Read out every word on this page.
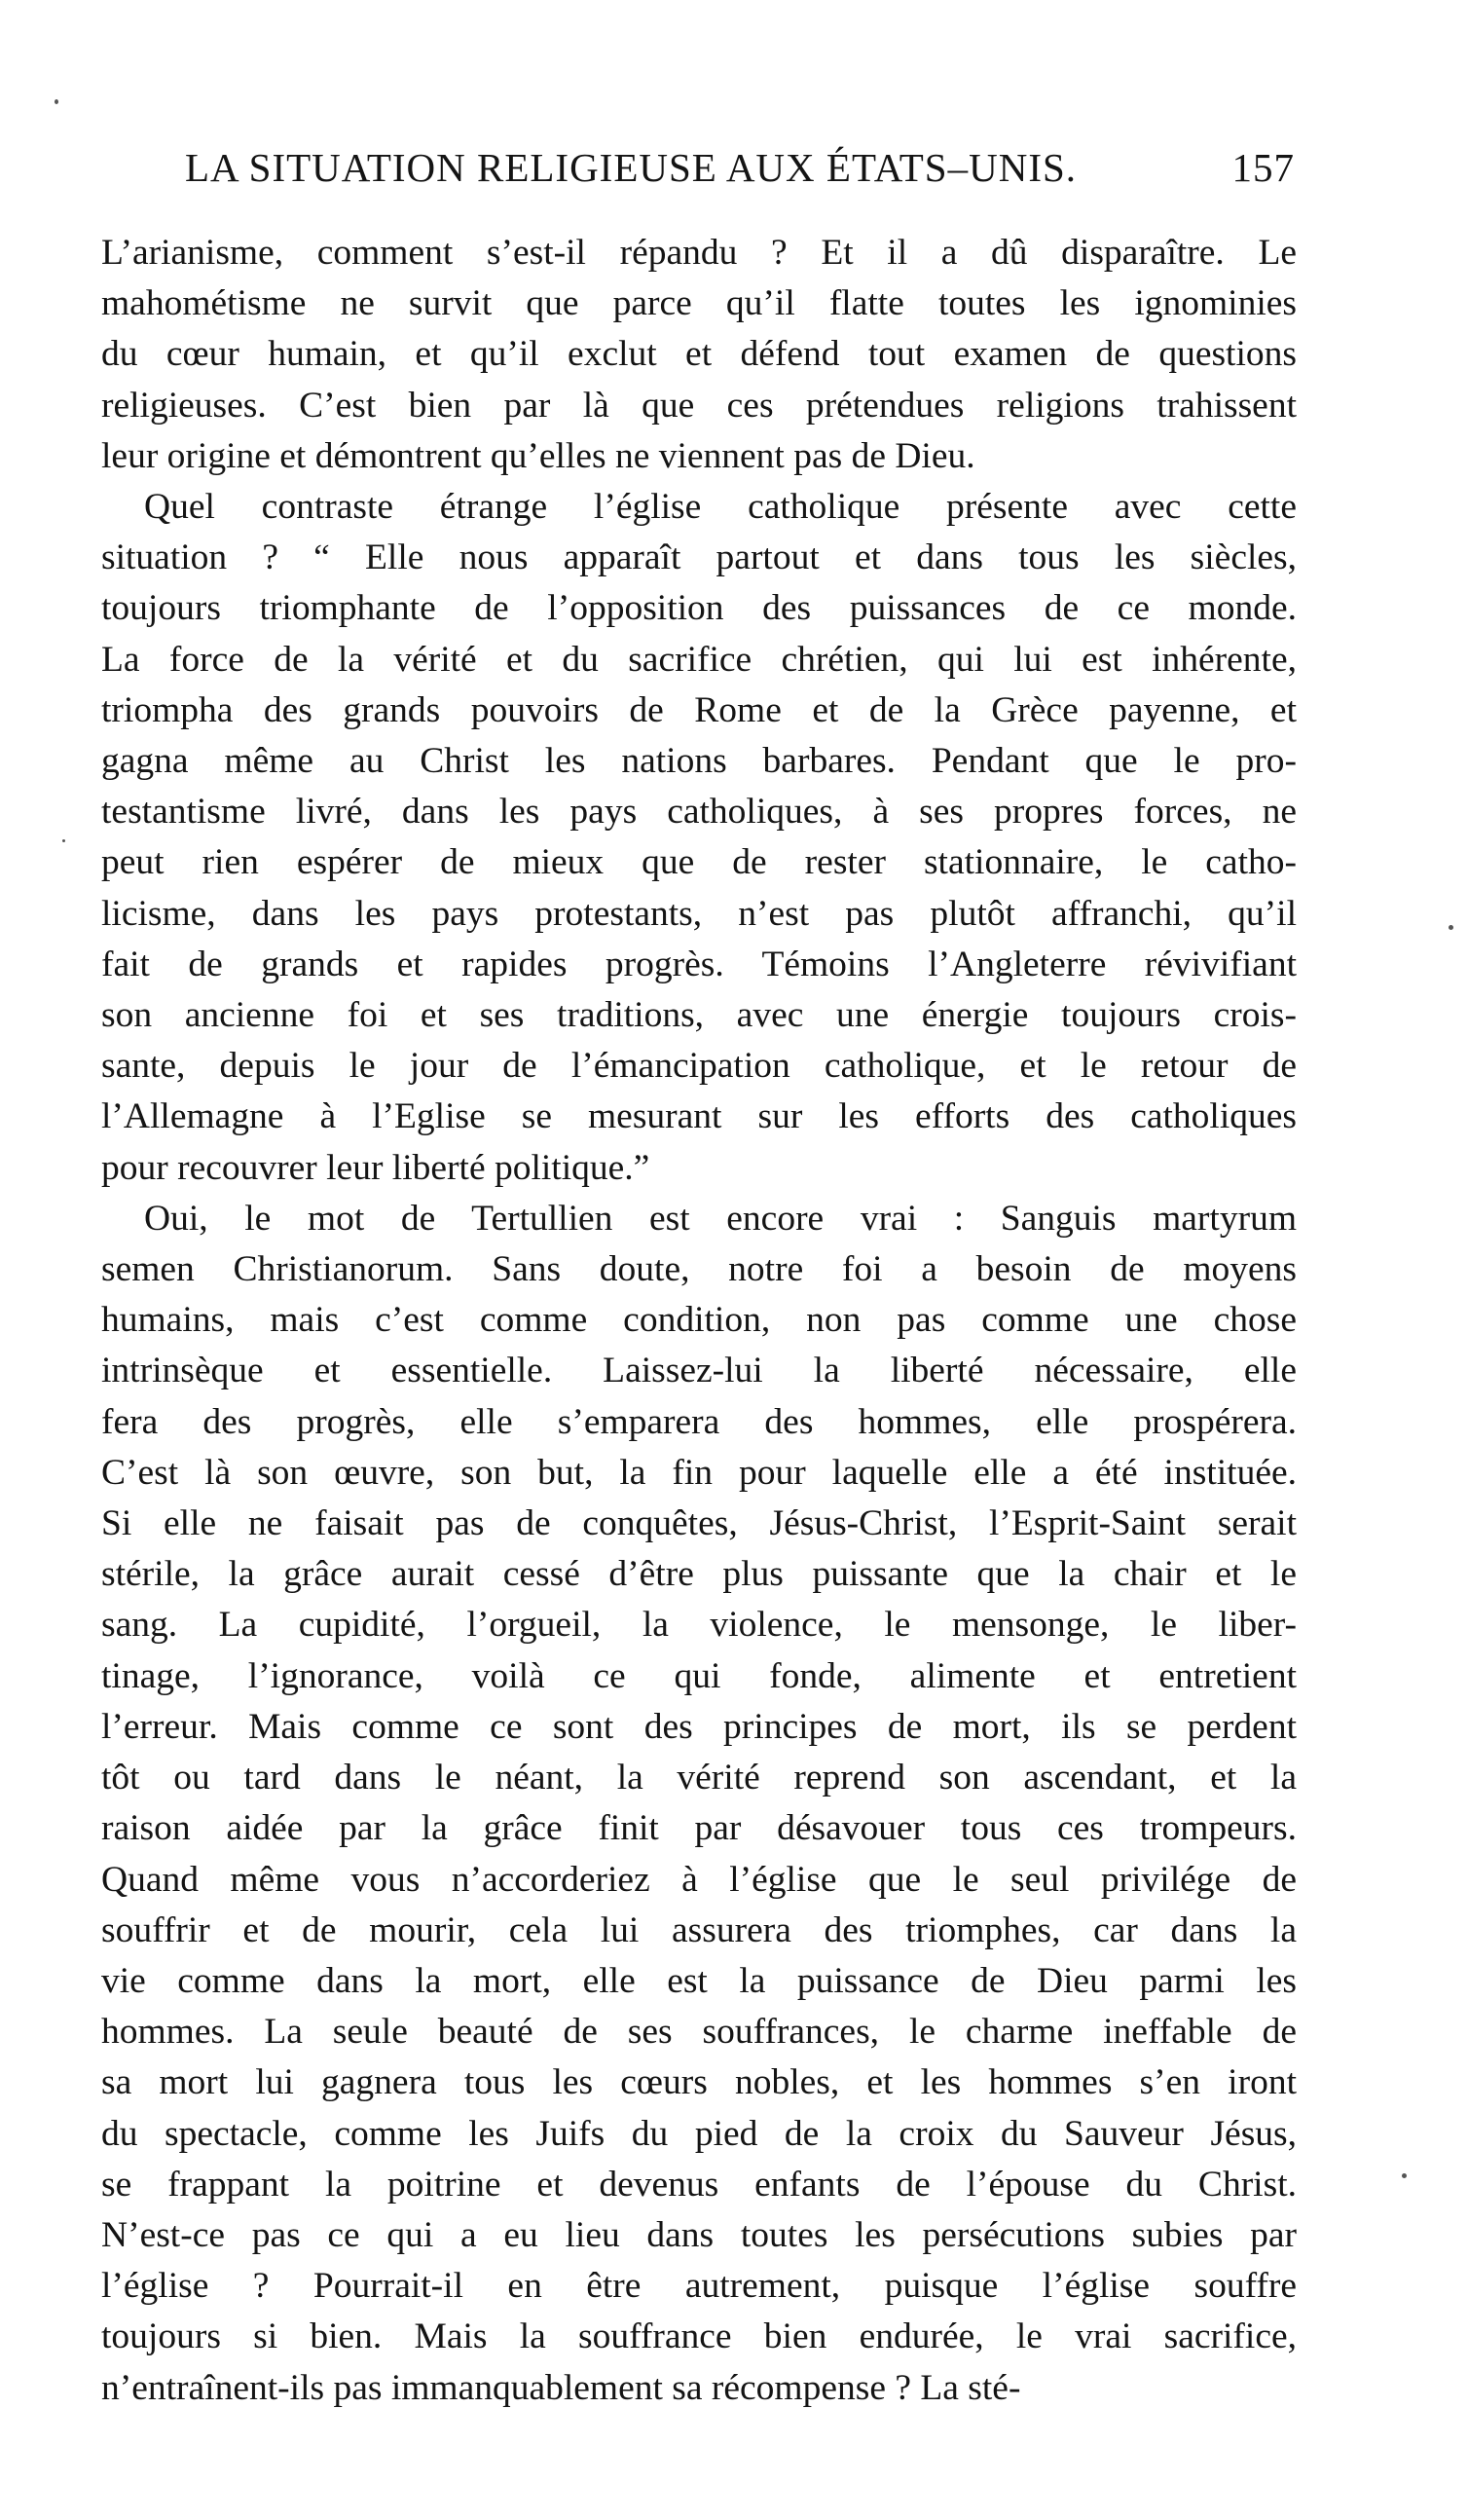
LA SITUATION RELIGIEUSE AUX ÉTATS–UNIS.	157

L’arianisme, comment s’est-il répandu ? Et il a dû disparaître. Le
mahométisme ne survit que parce qu’il flatte toutes les ignominies
du cœur humain, et qu’il exclut et défend tout examen de questions
religieuses. C’est bien par là que ces prétendues religions trahissent
leur origine et démontrent qu’elles ne viennent pas de Dieu.

Quel contraste étrange l’église catholique présente avec cette
situation ? “ Elle nous apparaît partout et dans tous les siècles,
toujours triomphante de l’opposition des puissances de ce monde.
La force de la vérité et du sacrifice chrétien, qui lui est inhérente,
triompha des grands pouvoirs de Rome et de la Grèce payenne, et
gagna même au Christ les nations barbares. Pendant que le pro-
testantisme livré, dans les pays catholiques, à ses propres forces, ne
peut rien espérer de mieux que de rester stationnaire, le catho-
licisme, dans les pays protestants, n’est pas plutôt affranchi, qu’il
fait de grands et rapides progrès. Témoins l’Angleterre révivifiant
son ancienne foi et ses traditions, avec une énergie toujours crois-
sante, depuis le jour de l’émancipation catholique, et le retour de
l’Allemagne à l’Eglise se mesurant sur les efforts des catholiques
pour recouvrer leur liberté politique.”

Oui, le mot de Tertullien est encore vrai : Sanguis martyrum
semen Christianorum. Sans doute, notre foi a besoin de moyens
humains, mais c’est comme condition, non pas comme une chose
intrinsèque et essentielle. Laissez-lui la liberté nécessaire, elle
fera des progrès, elle s’emparera des hommes, elle prospérera.
C’est là son œuvre, son but, la fin pour laquelle elle a été instituée.
Si elle ne faisait pas de conquêtes, Jésus-Christ, l’Esprit-Saint serait
stérile, la grâce aurait cessé d’être plus puissante que la chair et le
sang. La cupidité, l’orgueil, la violence, le mensonge, le liber-
tinage, l’ignorance, voilà ce qui fonde, alimente et entretient
l’erreur. Mais comme ce sont des principes de mort, ils se perdent
tôt ou tard dans le néant, la vérité reprend son ascendant, et la
raison aidée par la grâce finit par désavouer tous ces trompeurs.
Quand même vous n’accorderiez à l’église que le seul privilége de
souffrir et de mourir, cela lui assurera des triomphes, car dans la
vie comme dans la mort, elle est la puissance de Dieu parmi les
hommes. La seule beauté de ses souffrances, le charme ineffable de
sa mort lui gagnera tous les cœurs nobles, et les hommes s’en iront
du spectacle, comme les Juifs du pied de la croix du Sauveur Jésus,
se frappant la poitrine et devenus enfants de l’épouse du Christ.
N’est-ce pas ce qui a eu lieu dans toutes les persécutions subies par
l’église ? Pourrait-il en être autrement, puisque l’église souffre
toujours si bien. Mais la souffrance bien endurée, le vrai sacrifice,
n’entraînent-ils pas immanquablement sa récompense ? La sté-
